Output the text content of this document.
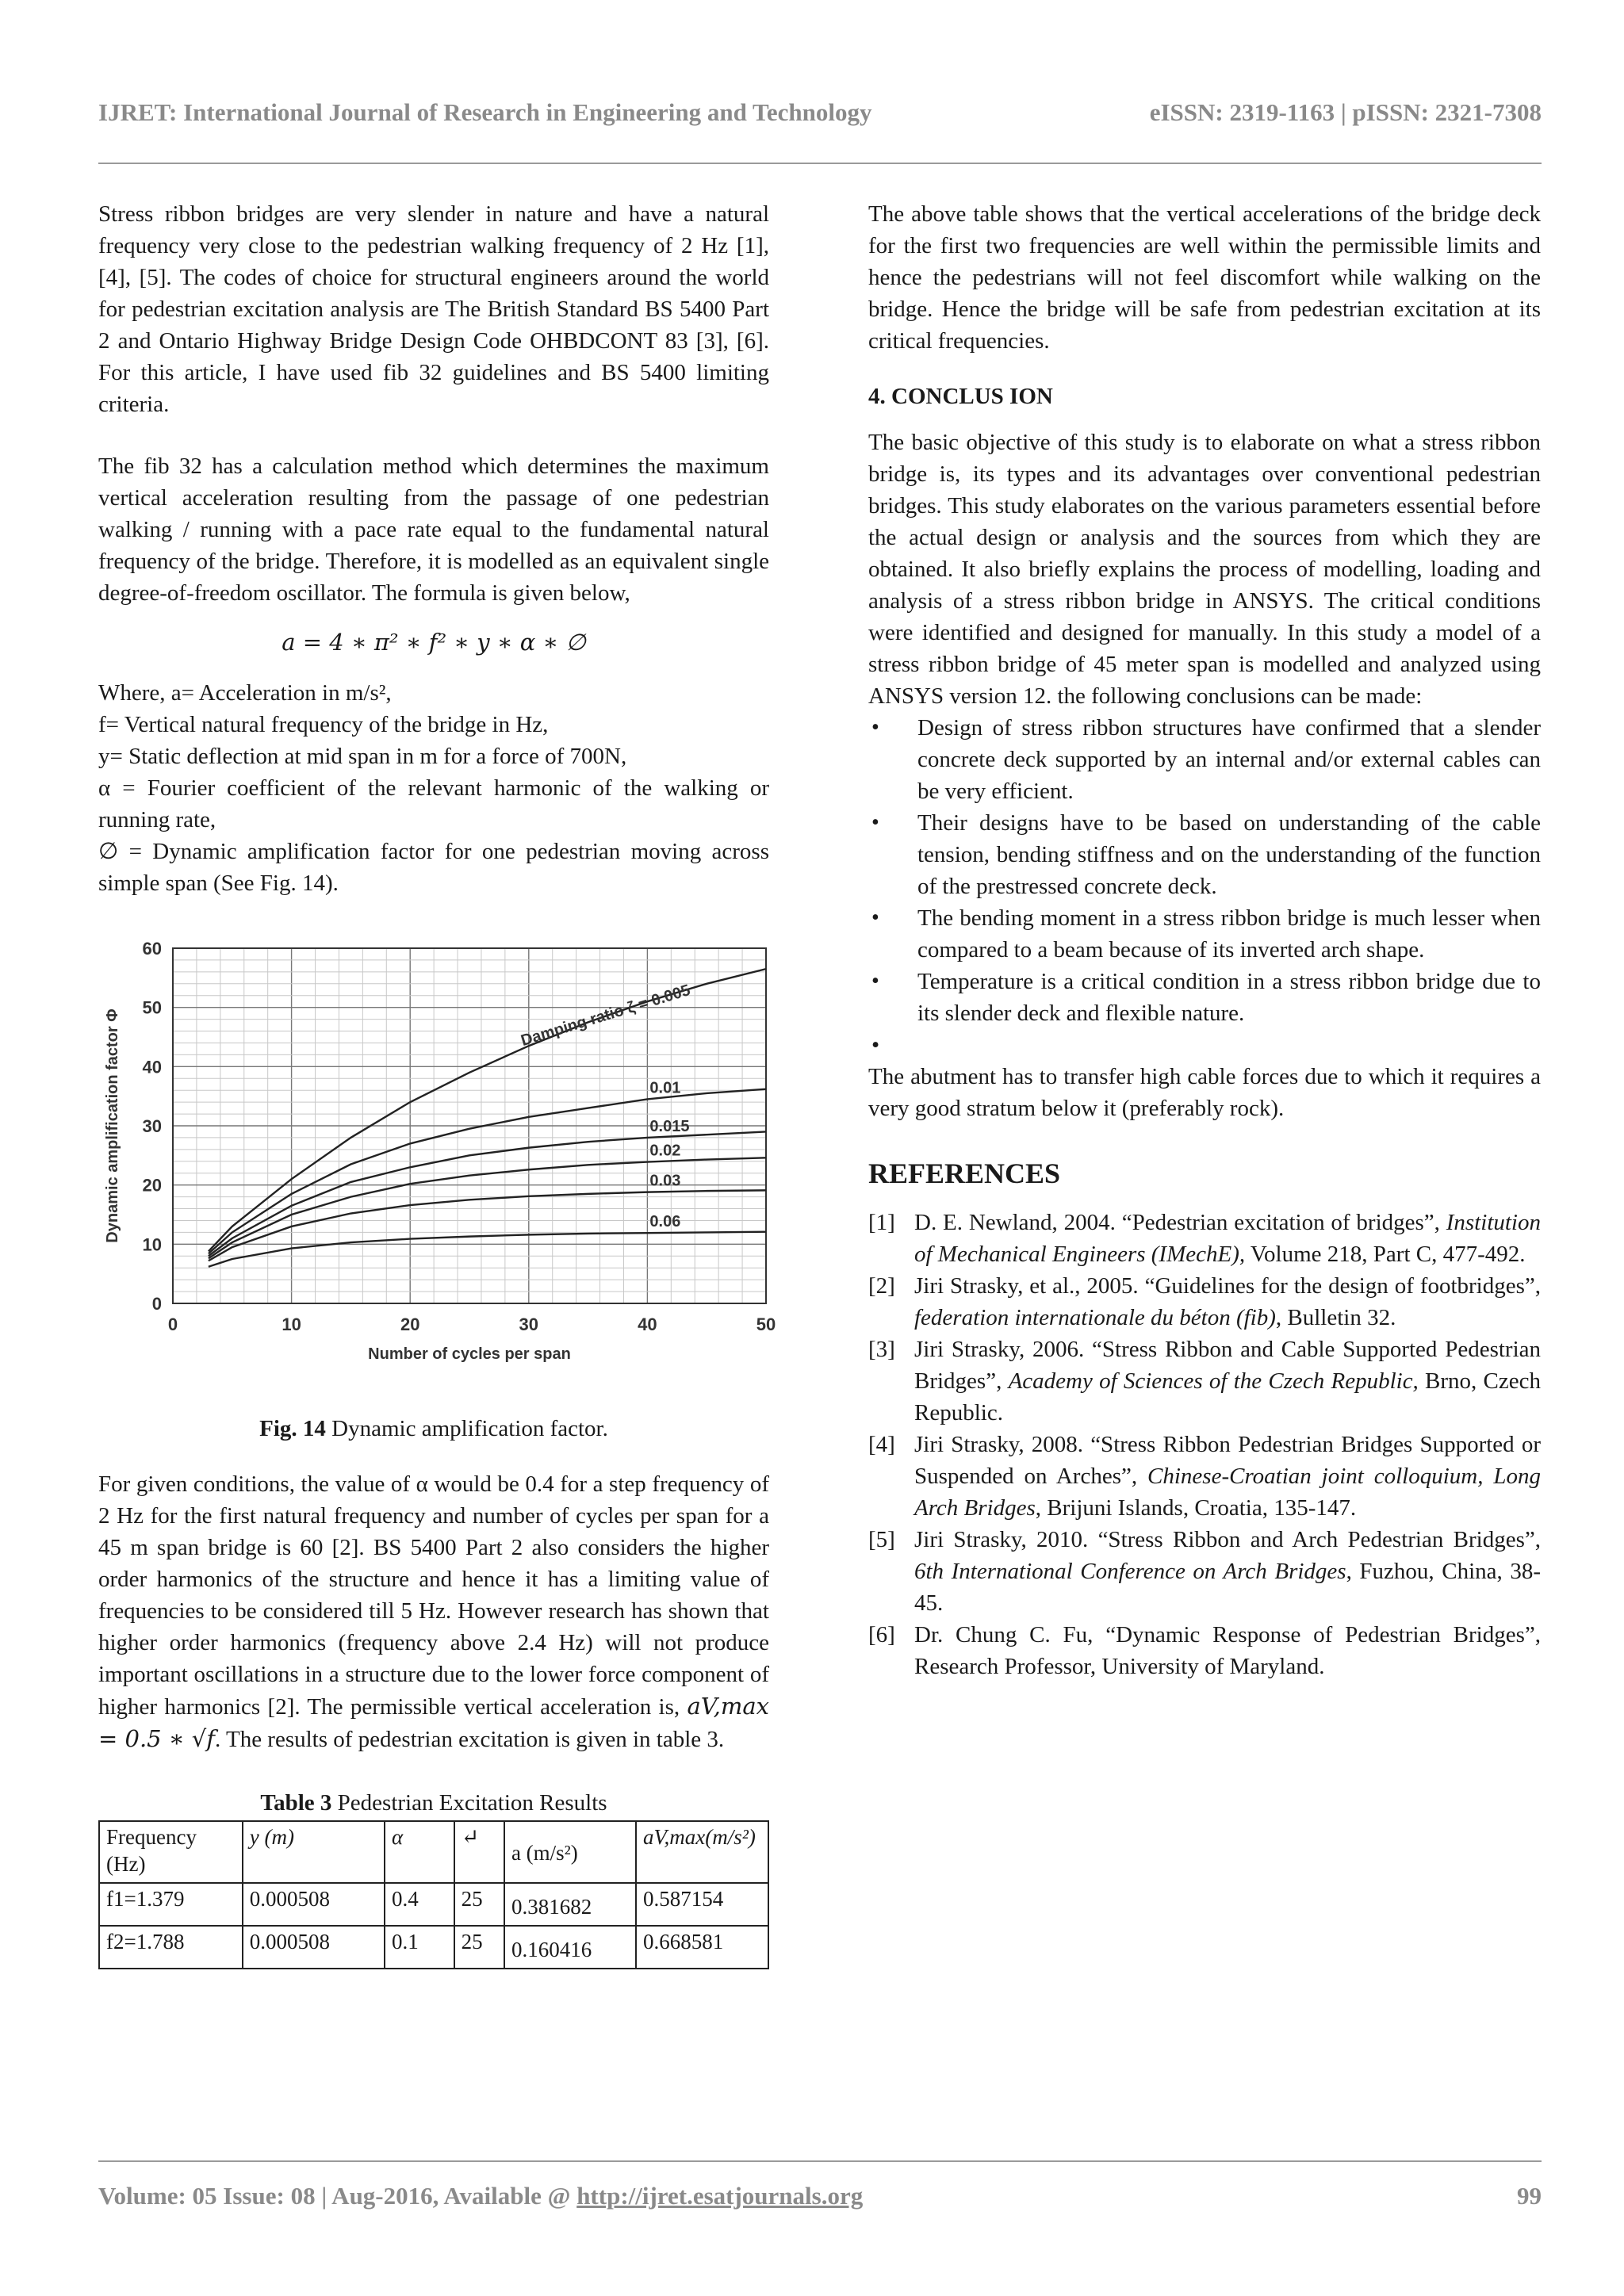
IJRET: International Journal of Research in Engineering and Technology	eISSN: 2319-1163 | pISSN: 2321-7308

Stress ribbon bridges are very slender in nature and have a natural frequency very close to the pedestrian walking frequency of 2 Hz [1], [4], [5]. The codes of choice for structural engineers around the world for pedestrian excitation analysis are The British Standard BS 5400 Part 2 and Ontario Highway Bridge Design Code OHBDCONT 83 [3], [6]. For this article, I have used fib 32 guidelines and BS 5400 limiting criteria.

The fib 32 has a calculation method which determines the maximum vertical acceleration resulting from the passage of one pedestrian walking / running with a pace rate equal to the fundamental natural frequency of the bridge. Therefore, it is modelled as an equivalent single degree-of-freedom oscillator. The formula is given below,

a = 4 ∗ π² ∗ f² ∗ y ∗ α ∗ ∅

Where, a= Acceleration in m/s²,

f= Vertical natural frequency of the bridge in Hz,

y= Static deflection at mid span in m for a force of 700N,

α = Fourier coefficient of the relevant harmonic of the walking or running rate,

∅ = Dynamic amplification factor for one pedestrian moving across simple span (See Fig. 14).

0	10	20	30	40	50
0
10
20
30
40
50
60
Number of cycles per span
Dynamic amplification factor Φ	0.01
0.015
0.02
0.03
0.06
Damping ratio ζ = 0.005
Fig. 14 Dynamic amplification factor.

For given conditions, the value of α would be 0.4 for a step frequency of 2 Hz for the first natural frequency and number of cycles per span for a 45 m span bridge is 60 [2]. BS 5400 Part 2 also considers the higher order harmonics of the structure and hence it has a limiting value of frequencies to be considered till 5 Hz. However research has shown that higher order harmonics (frequency above 2.4 Hz) will not produce important oscillations in a structure due to the lower force component of higher harmonics [2]. The permissible vertical acceleration is, aV,max = 0.5 ∗ √f. The results of pedestrian excitation is given in table 3.

Table 3 Pedestrian Excitation Results
Frequency (Hz)	y (m)	α	↵	a (m/s²)	aV,max(m/s²)
f1=1.379	0.000508	0.4	25	0.381682	0.587154
f2=1.788	0.000508	0.1	25	0.160416	0.668581

The above table shows that the vertical accelerations of the bridge deck for the first two frequencies are well within the permissible limits and hence the pedestrians will not feel discomfort while walking on the bridge. Hence the bridge will be safe from pedestrian excitation at its critical frequencies.

4. CONCLUS ION

The basic objective of this study is to elaborate on what a stress ribbon bridge is, its types and its advantages over conventional pedestrian bridges. This study elaborates on the various parameters essential before the actual design or analysis and the sources from which they are obtained. It also briefly explains the process of modelling, loading and analysis of a stress ribbon bridge in ANSYS. The critical conditions were identified and designed for manually. In this study a model of a stress ribbon bridge of 45 meter span is modelled and analyzed using ANSYS version 12. the following conclusions can be made:

• Design of stress ribbon structures have confirmed that a slender concrete deck supported by an internal and/or external cables can be very efficient.
• Their designs have to be based on understanding of the cable tension, bending stiffness and on the understanding of the function of the prestressed concrete deck.
• The bending moment in a stress ribbon bridge is much lesser when compared to a beam because of its inverted arch shape.
• Temperature is a critical condition in a stress ribbon bridge due to its slender deck and flexible nature.
•

The abutment has to transfer high cable forces due to which it requires a very good stratum below it (preferably rock).

REFERENCES
[1] D. E. Newland, 2004. “Pedestrian excitation of bridges”, Institution of Mechanical Engineers (IMechE), Volume 218, Part C, 477-492.
[2] Jiri Strasky, et al., 2005. “Guidelines for the design of footbridges”, federation internationale du béton (fib), Bulletin 32.
[3] Jiri Strasky, 2006. “Stress Ribbon and Cable Supported Pedestrian Bridges”, Academy of Sciences of the Czech Republic, Brno, Czech Republic.
[4] Jiri Strasky, 2008. “Stress Ribbon Pedestrian Bridges Supported or Suspended on Arches”, Chinese-Croatian joint colloquium, Long Arch Bridges, Brijuni Islands, Croatia, 135-147.
[5] Jiri Strasky, 2010. “Stress Ribbon and Arch Pedestrian Bridges”, 6th International Conference on Arch Bridges, Fuzhou, China, 38-45.
[6] Dr. Chung C. Fu, “Dynamic Response of Pedestrian Bridges”, Research Professor, University of Maryland.
Volume: 05 Issue: 08 | Aug-2016, Available @ http://ijret.esatjournals.org	99
